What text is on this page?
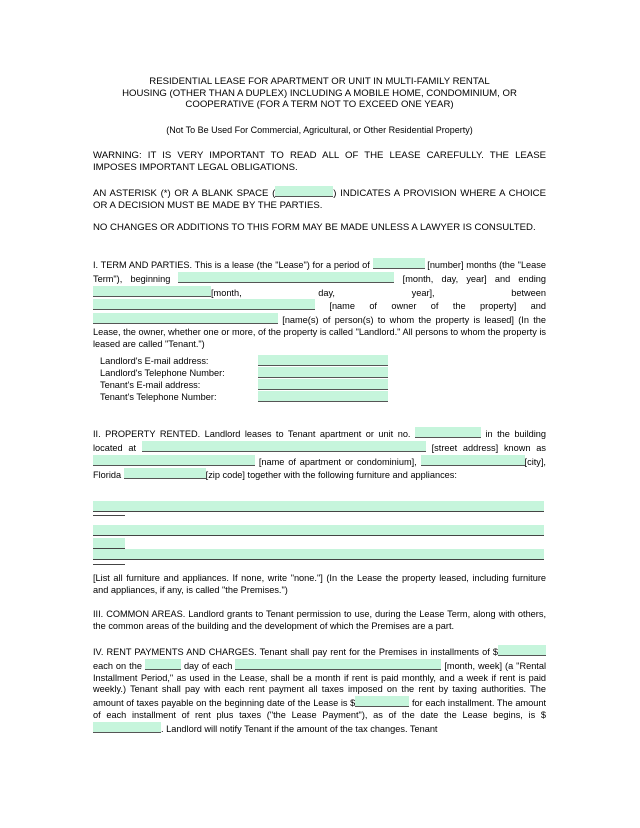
RESIDENTIAL LEASE FOR APARTMENT OR UNIT IN MULTI-FAMILY RENTAL
HOUSING (OTHER THAN A DUPLEX) INCLUDING A MOBILE HOME, CONDOMINIUM, OR
COOPERATIVE (FOR A TERM NOT TO EXCEED ONE YEAR)
(Not To Be Used For Commercial, Agricultural, or Other Residential Property)
WARNING: IT IS VERY IMPORTANT TO READ ALL OF THE LEASE CAREFULLY. THE LEASE IMPOSES IMPORTANT LEGAL OBLIGATIONS.
AN ASTERISK (*) OR A BLANK SPACE (	) INDICATES A PROVISION WHERE A CHOICE OR A DECISION MUST BE MADE BY THE PARTIES.
NO CHANGES OR ADDITIONS TO THIS FORM MAY BE MADE UNLESS A LAWYER IS CONSULTED.
I. TERM AND PARTIES. This is a lease (the "Lease") for a period of	[number] months (the "Lease Term"), beginning	[month, day, year] and ending [month, day, year], between  [name of owner of the property] and  [name(s) of person(s) to whom the property is leased] (In the Lease, the owner, whether one or more, of the property is called "Landlord." All persons to whom the property is leased are called "Tenant.")
Landlord's E-mail address:
Landlord's Telephone Number:
Tenant's E-mail address:
Tenant's Telephone Number:
II. PROPERTY RENTED. Landlord leases to Tenant apartment or unit no.	in the building located at	[street address] known as  [name of apartment or condominium],	[city], Florida	[zip code] together with the following furniture and appliances:
[List all furniture and appliances. If none, write "none."] (In the Lease the property leased, including furniture and appliances, if any, is called "the Premises.")
III. COMMON AREAS. Landlord grants to Tenant permission to use, during the Lease Term, along with others, the common areas of the building and the development of which the Premises are a part.
IV. RENT PAYMENTS AND CHARGES. Tenant shall pay rent for the Premises in installments of $ each on the	day of each	[month, week] (a "Rental Installment Period," as used in the Lease, shall be a month if rent is paid monthly, and a week if rent is paid weekly.) Tenant shall pay with each rent payment all taxes imposed on the rent by taxing authorities. The amount of taxes payable on the beginning date of the Lease is $	for each installment. The amount of each installment of rent plus taxes ("the Lease Payment"), as of the date the Lease begins, is $. Landlord will notify Tenant if the amount of the tax changes. Tenant
